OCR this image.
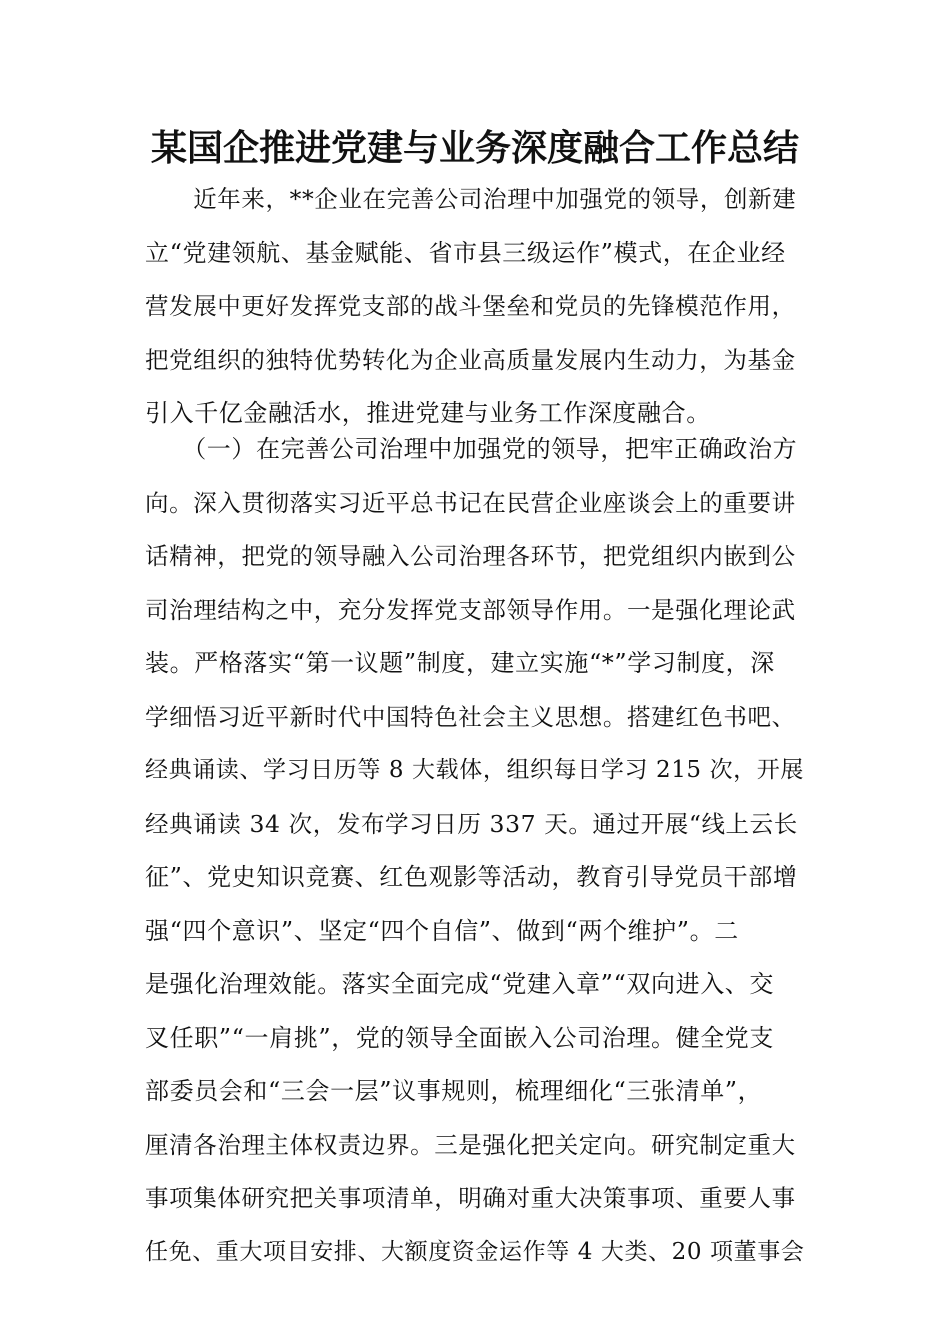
某国企推进党建与业务深度融合工作总结
　　近年来，**企业在完善公司治理中加强党的领导，创新建
立“党建领航、基金赋能、省市县三级运作”模式，在企业经
营发展中更好发挥党支部的战斗堡垒和党员的先锋模范作用，
把党组织的独特优势转化为企业高质量发展内生动力，为基金
引入千亿金融活水，推进党建与业务工作深度融合。
　　（一）在完善公司治理中加强党的领导，把牢正确政治方
向。深入贯彻落实习近平总书记在民营企业座谈会上的重要讲
话精神，把党的领导融入公司治理各环节，把党组织内嵌到公
司治理结构之中，充分发挥党支部领导作用。一是强化理论武
装。严格落实“第一议题”制度，建立实施“*”学习制度，深
学细悟习近平新时代中国特色社会主义思想。搭建红色书吧、
经典诵读、学习日历等 8 大载体，组织每日学习 215 次，开展
经典诵读 34 次，发布学习日历 337 天。通过开展“线上云长
征”、党史知识竞赛、红色观影等活动，教育引导党员干部增
强“四个意识”、坚定“四个自信”、做到“两个维护”。二
是强化治理效能。落实全面完成“党建入章”“双向进入、交
叉任职”“一肩挑”，党的领导全面嵌入公司治理。健全党支
部委员会和“三会一层”议事规则，梳理细化“三张清单”，
厘清各治理主体权责边界。三是强化把关定向。研究制定重大
事项集体研究把关事项清单，明确对重大决策事项、重要人事
任免、重大项目安排、大额度资金运作等 4 大类、20 项董事会
